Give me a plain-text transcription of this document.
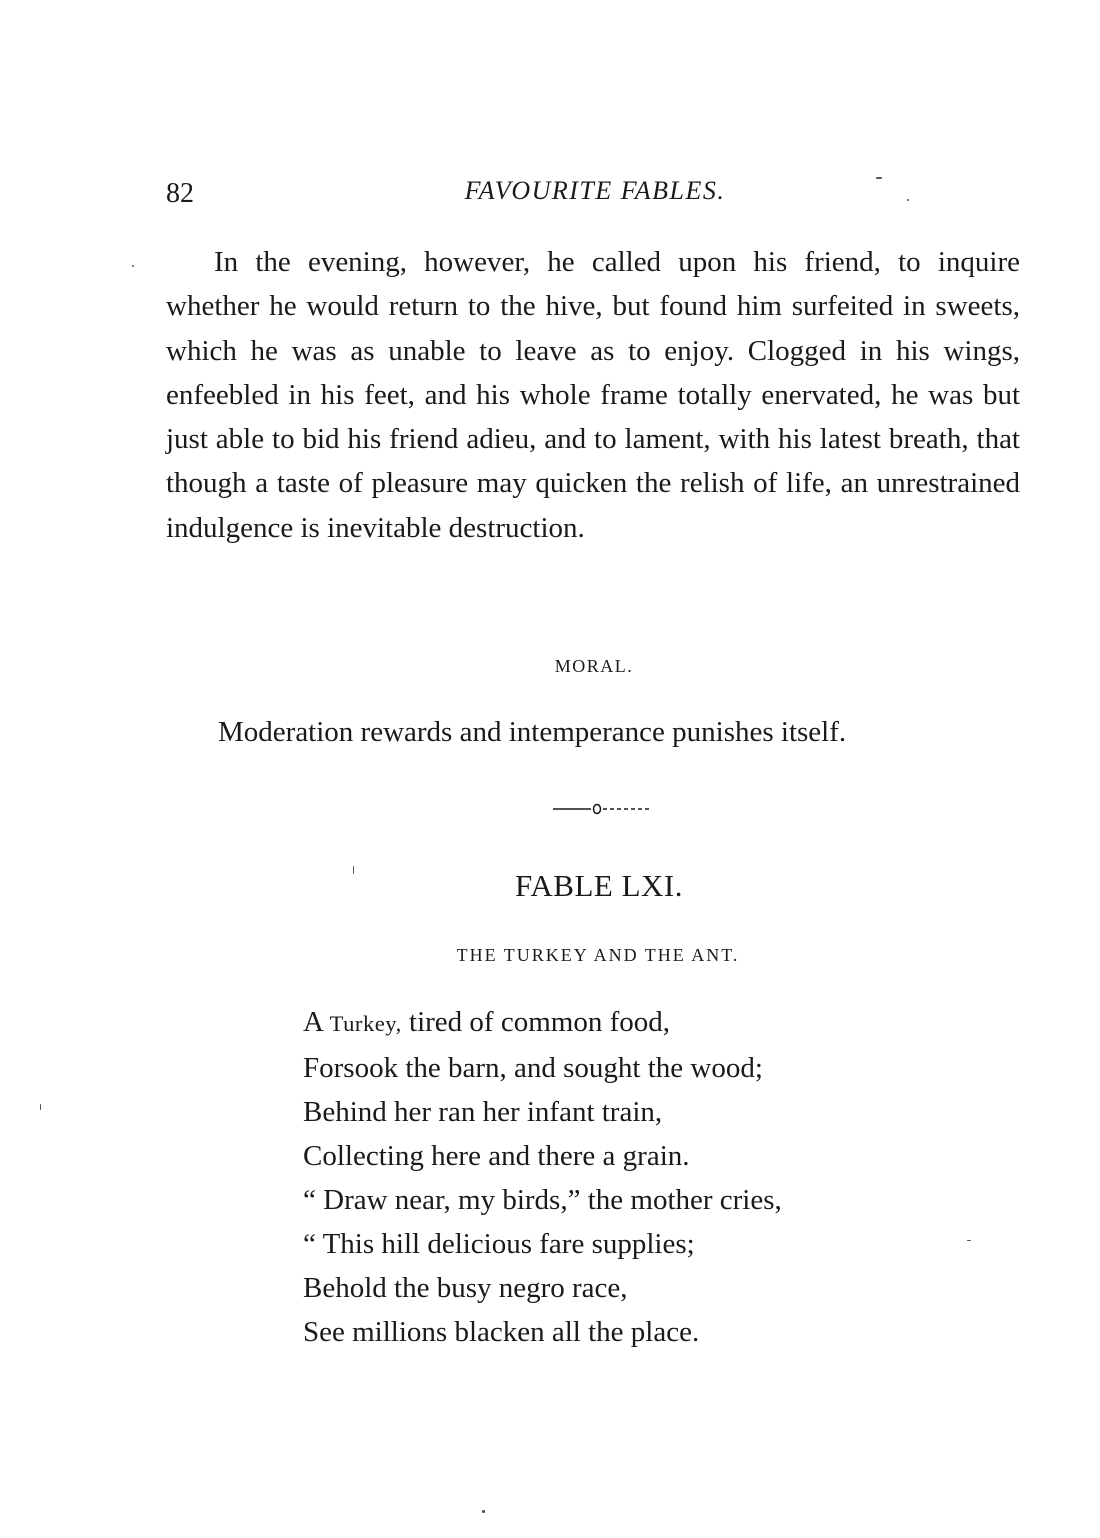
82	FAVOURITE FABLES.

In the evening, however, he called upon his friend, to inquire whether he would return to the hive, but found him surfeited in sweets, which he was as unable to leave as to enjoy. Clogged in his wings, enfeebled in his feet, and his whole frame totally enervated, he was but just able to bid his friend adieu, and to lament, with his latest breath, that though a taste of pleasure may quicken the relish of life, an unrestrained indulgence is inevitable destruction.

MORAL.
Moderation rewards and intemperance punishes itself.
FABLE LXI.
THE TURKEY AND THE ANT.
A Turkey, tired of common food,
Forsook the barn, and sought the wood;
Behind her ran her infant train,
Collecting here and there a grain.
“ Draw near, my birds,” the mother cries,
“ This hill delicious fare supplies;
Behold the busy negro race,
See millions blacken all the place.
